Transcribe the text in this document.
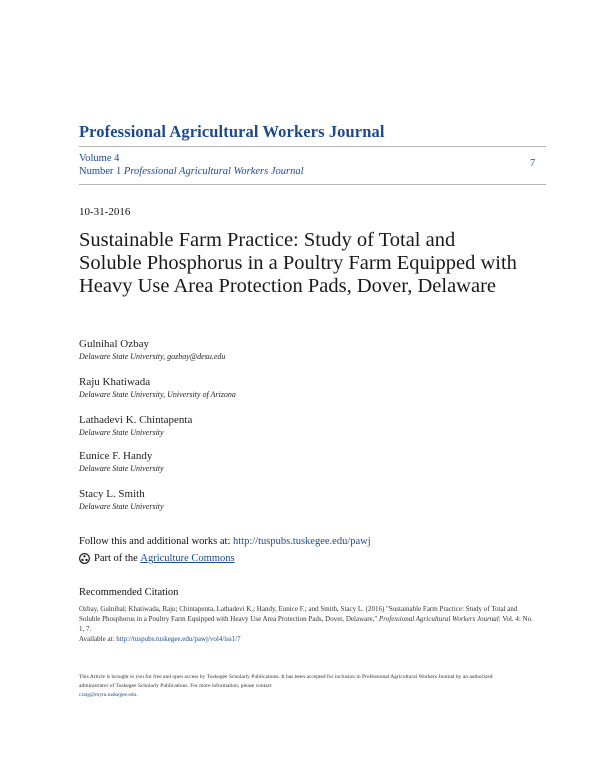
Professional Agricultural Workers Journal
Volume 4
Number 1 Professional Agricultural Workers Journal
7
10-31-2016
Sustainable Farm Practice: Study of Total and Soluble Phosphorus in a Poultry Farm Equipped with Heavy Use Area Protection Pads, Dover, Delaware
Gulnihal Ozbay
Delaware State University, gozbay@desu.edu
Raju Khatiwada
Delaware State University, University of Arizona
Lathadevi K. Chintapenta
Delaware State University
Eunice F. Handy
Delaware State University
Stacy L. Smith
Delaware State University
Follow this and additional works at: http://tuspubs.tuskegee.edu/pawj
Part of the
Agriculture Commons
Recommended Citation
Ozbay, Gulnihal; Khatiwada, Raju; Chintapenta, Lathadevi K.; Handy, Eunice F.; and Smith, Stacy L. (2016) "Sustainable Farm Practice: Study of Total and Soluble Phosphorus in a Poultry Farm Equipped with Heavy Use Area Protection Pads, Dover, Delaware," Professional Agricultural Workers Journal: Vol. 4: No. 1, 7.
Available at: http://tuspubs.tuskegee.edu/pawj/vol4/iss1/7
This Article is brought to you for free and open access by Tuskegee Scholarly Publications. It has been accepted for inclusion in Professional Agricultural Workers Journal by an authorized administrator of Tuskegee Scholarly Publications. For more information, please contact
craig@mytu.tuskegee.edu.
